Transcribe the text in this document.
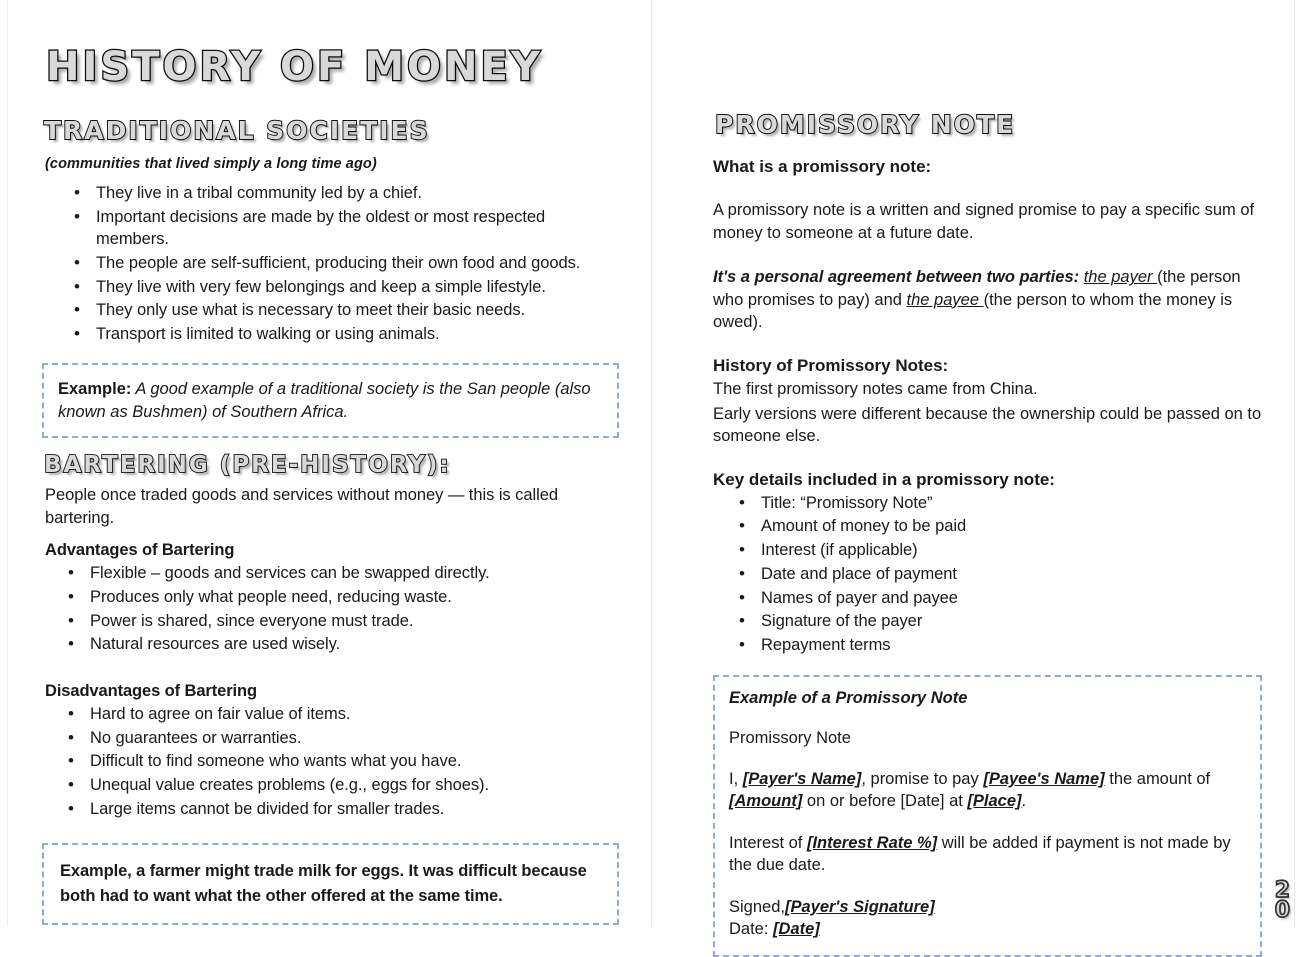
HISTORY OF MONEY
TRADITIONAL SOCIETIES
(communities that lived simply a long time ago)
• They live in a tribal community led by a chief.
• Important decisions are made by the oldest or most respected members.
• The people are self-sufficient, producing their own food and goods.
• They live with very few belongings and keep a simple lifestyle.
• They only use what is necessary to meet their basic needs.
• Transport is limited to walking or using animals.

Example: A good example of a traditional society is the San people (also known as Bushmen) of Southern Africa.

BARTERING (PRE-HISTORY):

People once traded goods and services without money — this is called bartering.

Advantages of Bartering
• Flexible – goods and services can be swapped directly.
• Produces only what people need, reducing waste.
• Power is shared, since everyone must trade.
• Natural resources are used wisely.
Disadvantages of Bartering
• Hard to agree on fair value of items.
• No guarantees or warranties.
• Difficult to find someone who wants what you have.
• Unequal value creates problems (e.g., eggs for shoes).
• Large items cannot be divided for smaller trades.

Example, a farmer might trade milk for eggs. It was difficult because both had to want what the other offered at the same time.

PROMISSORY NOTE
What is a promissory note:

A promissory note is a written and signed promise to pay a specific sum of money to someone at a future date.

It's a personal agreement between two parties: the payer (the person who promises to pay) and the payee (the person to whom the money is owed).

History of Promissory Notes:

The first promissory notes came from China.

Early versions were different because the ownership could be passed on to someone else.

Key details included in a promissory note:
• Title: “Promissory Note”
• Amount of money to be paid
• Interest (if applicable)
• Date and place of payment
• Names of payer and payee
• Signature of the payer
• Repayment terms
Example of a Promissory Note

Promissory Note

I, [Payer's Name], promise to pay [Payee's Name] the amount of [Amount] on or before [Date] at [Place].

Interest of [Interest Rate %] will be added if payment is not made by the due date.

Signed,[Payer's Signature]

Date: [Date]

2
0
